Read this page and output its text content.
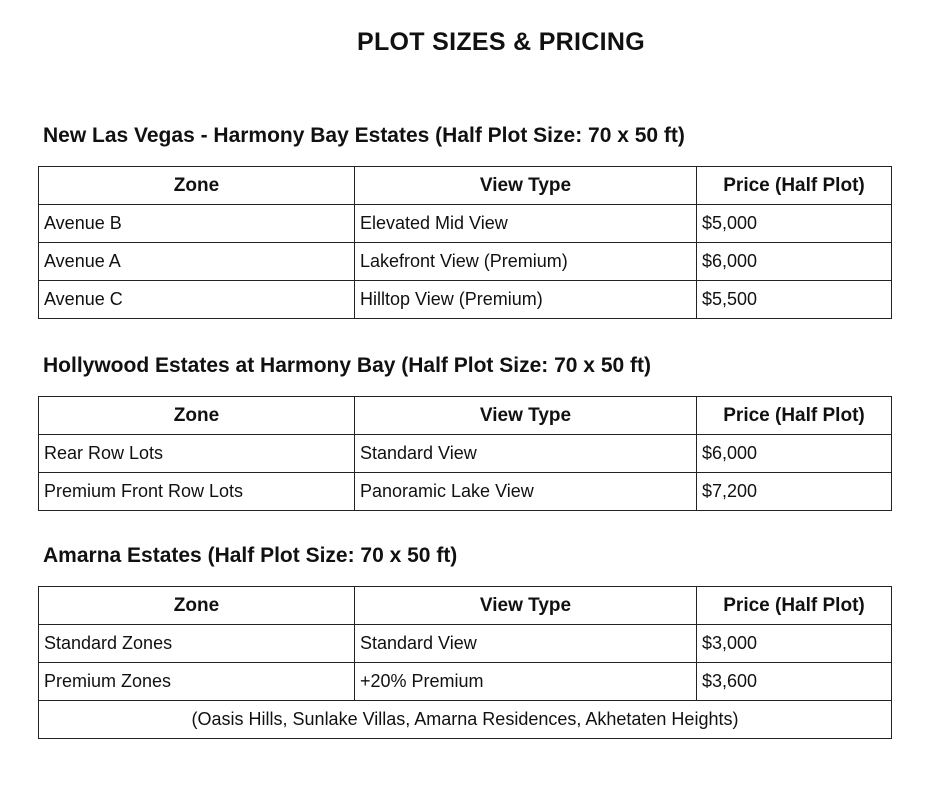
PLOT SIZES & PRICING
New Las Vegas - Harmony Bay Estates (Half Plot Size: 70 x 50 ft)
Zone	View Type	Price (Half Plot)
Avenue B	Elevated Mid View	$5,000
Avenue A	Lakefront View (Premium)	$6,000
Avenue C	Hilltop View (Premium)	$5,500
Hollywood Estates at Harmony Bay (Half Plot Size: 70 x 50 ft)
Zone	View Type	Price (Half Plot)
Rear Row Lots	Standard View	$6,000
Premium Front Row Lots	Panoramic Lake View	$7,200
Amarna Estates (Half Plot Size: 70 x 50 ft)
Zone	View Type	Price (Half Plot)
Standard Zones	Standard View	$3,000
Premium Zones	+20% Premium	$3,600
(Oasis Hills, Sunlake Villas, Amarna Residences, Akhetaten Heights)		
